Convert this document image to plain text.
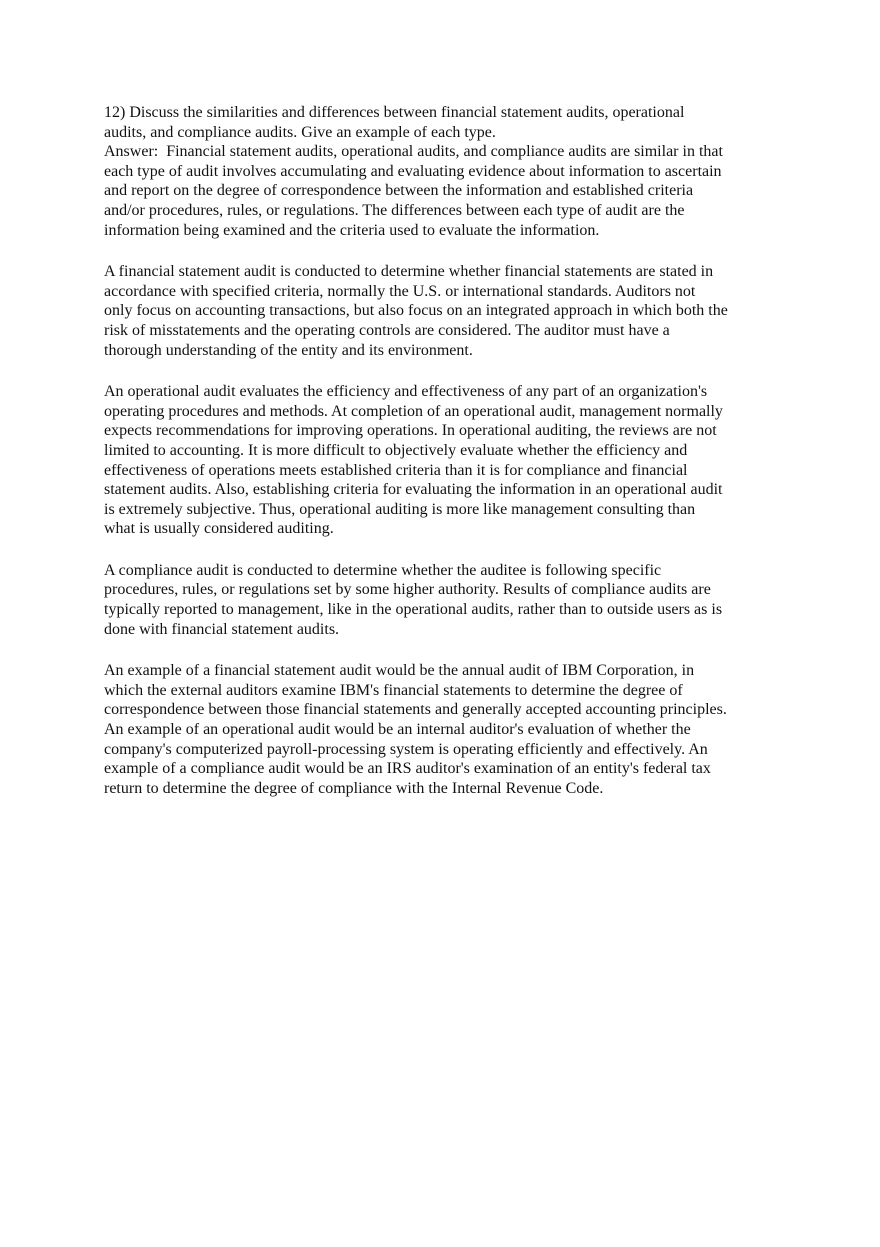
12) Discuss the similarities and differences between financial statement audits, operational
audits, and compliance audits. Give an example of each type.
Answer:  Financial statement audits, operational audits, and compliance audits are similar in that
each type of audit involves accumulating and evaluating evidence about information to ascertain
and report on the degree of correspondence between the information and established criteria
and/or procedures, rules, or regulations. The differences between each type of audit are the
information being examined and the criteria used to evaluate the information.
A financial statement audit is conducted to determine whether financial statements are stated in
accordance with specified criteria, normally the U.S. or international standards. Auditors not
only focus on accounting transactions, but also focus on an integrated approach in which both the
risk of misstatements and the operating controls are considered. The auditor must have a
thorough understanding of the entity and its environment.
An operational audit evaluates the efficiency and effectiveness of any part of an organization's
operating procedures and methods. At completion of an operational audit, management normally
expects recommendations for improving operations. In operational auditing, the reviews are not
limited to accounting. It is more difficult to objectively evaluate whether the efficiency and
effectiveness of operations meets established criteria than it is for compliance and financial
statement audits. Also, establishing criteria for evaluating the information in an operational audit
is extremely subjective. Thus, operational auditing is more like management consulting than
what is usually considered auditing.
A compliance audit is conducted to determine whether the auditee is following specific
procedures, rules, or regulations set by some higher authority. Results of compliance audits are
typically reported to management, like in the operational audits, rather than to outside users as is
done with financial statement audits.
An example of a financial statement audit would be the annual audit of IBM Corporation, in
which the external auditors examine IBM's financial statements to determine the degree of
correspondence between those financial statements and generally accepted accounting principles.
An example of an operational audit would be an internal auditor's evaluation of whether the
company's computerized payroll-processing system is operating efficiently and effectively. An
example of a compliance audit would be an IRS auditor's examination of an entity's federal tax
return to determine the degree of compliance with the Internal Revenue Code.
